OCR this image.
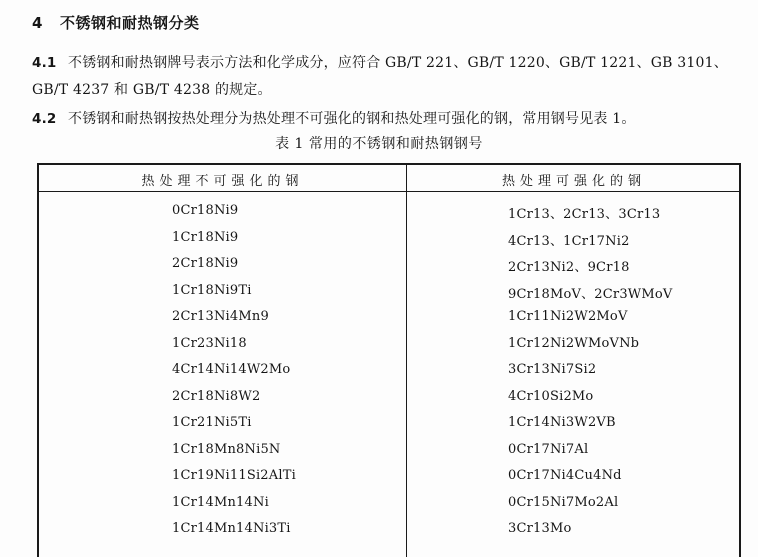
4 不锈钢和耐热钢分类
4.1 不锈钢和耐热钢牌号表示方法和化学成分，应符合 GB/T 221、GB/T 1220、GB/T 1221、GB 3101、
GB/T 4237 和 GB/T 4238 的规定。
4.2 不锈钢和耐热钢按热处理分为热处理不可强化的钢和热处理可强化的钢，常用钢号见表 1。
表 1 常用的不锈钢和耐热钢钢号
热处理不可强化的钢	热处理可强化的钢
0Cr18Ni9
1Cr18Ni9
2Cr18Ni9
1Cr18Ni9Ti
2Cr13Ni4Mn9
1Cr23Ni18
4Cr14Ni14W2Mo
2Cr18Ni8W2
1Cr21Ni5Ti
1Cr18Mn8Ni5N
1Cr19Ni11Si2AlTi
1Cr14Mn14Ni
1Cr14Mn14Ni3Ti
1Cr13、2Cr13、3Cr13
4Cr13、1Cr17Ni2
2Cr13Ni2、9Cr18
9Cr18MoV、2Cr3WMoV
1Cr11Ni2W2MoV
1Cr12Ni2WMoVNb
3Cr13Ni7Si2
4Cr10Si2Mo
1Cr14Ni3W2VB
0Cr17Ni7Al
0Cr17Ni4Cu4Nd
0Cr15Ni7Mo2Al
3Cr13Mo
